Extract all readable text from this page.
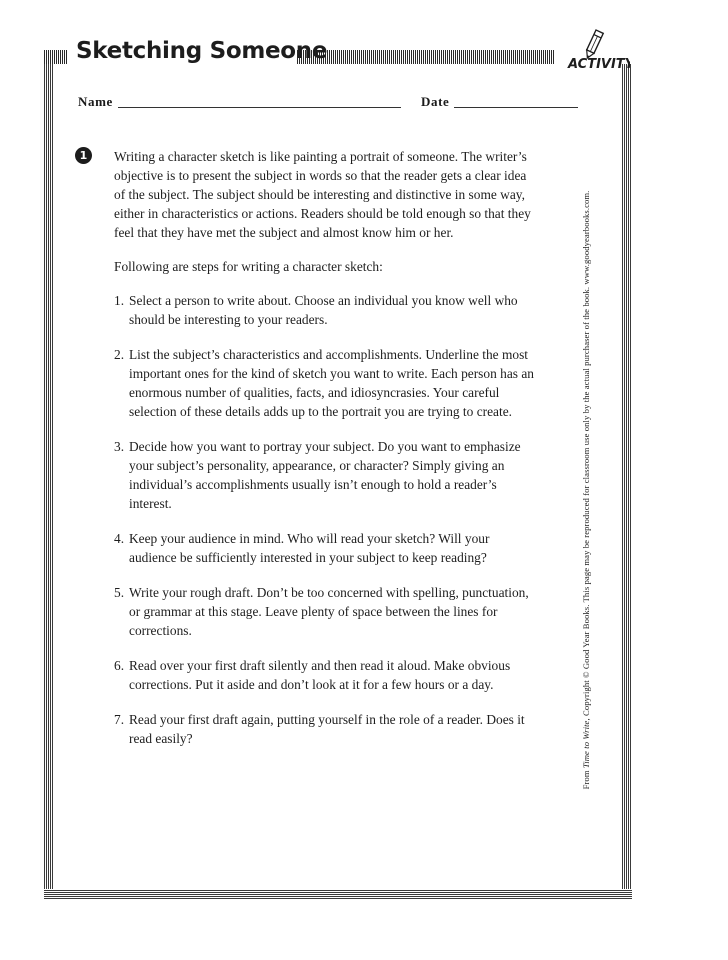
Sketching Someone
ACTIVITY
Name	Date
1	Writing a character sketch is like painting a portrait of someone. The writer’s objective is to present the subject in words so that the reader gets a clear idea of the subject. The subject should be interesting and distinctive in some way, either in characteristics or actions. Readers should be told enough so that they feel that they have met the subject and almost know him or her.

Following are steps for writing a character sketch:

1. Select a person to write about. Choose an individual you know well who should be interesting to your readers.
2. List the subject’s characteristics and accomplishments. Underline the most important ones for the kind of sketch you want to write. Each person has an enormous number of qualities, facts, and idiosyncrasies. Your careful selection of these details adds up to the portrait you are trying to create.
3. Decide how you want to portray your subject. Do you want to emphasize your subject’s personality, appearance, or character? Simply giving an individual’s accomplishments usually isn’t enough to hold a reader’s interest.
4. Keep your audience in mind. Who will read your sketch? Will your audience be sufficiently interested in your subject to keep reading?
5. Write your rough draft. Don’t be too concerned with spelling, punctuation, or grammar at this stage. Leave plenty of space between the lines for corrections.
6. Read over your first draft silently and then read it aloud. Make obvious corrections. Put it aside and don’t look at it for a few hours or a day.
7. Read your first draft again, putting yourself in the role of a reader. Does it read easily?
From Time to Write, Copyright © Good Year Books. This page may be reproduced for classroom use only by the actual purchaser of the book. www.goodyearbooks.com.
